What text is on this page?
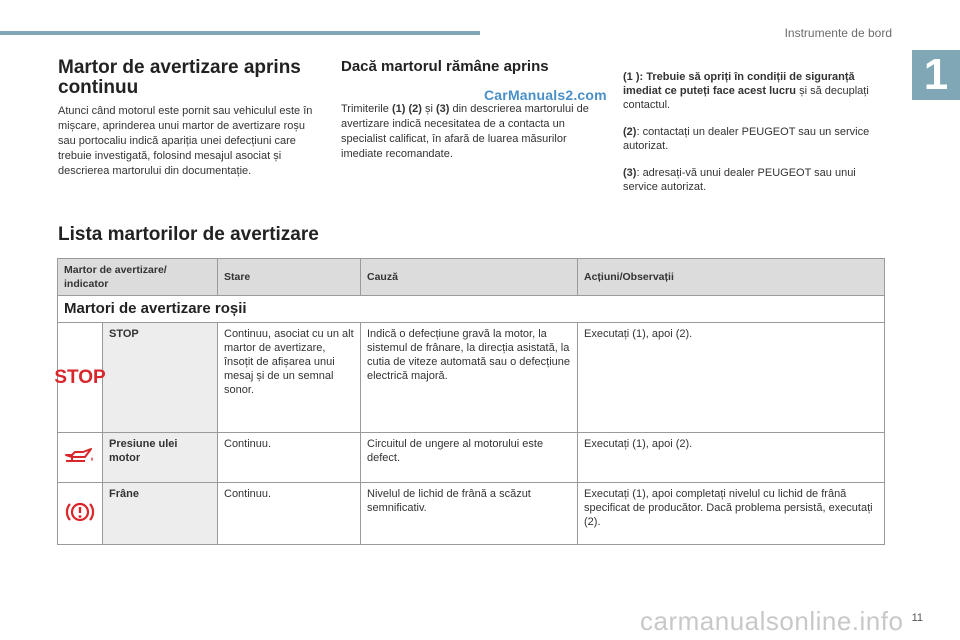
Instrumente de bord
1
Martor de avertizare aprins continuu
Atunci când motorul este pornit sau vehiculul este în mișcare, aprinderea unui martor de avertizare roșu sau portocaliu indică apariția unei defecțiuni care trebuie investigată, folosind mesajul asociat și descrierea martorului din documentație.
Dacă martorul rămâne aprins
Trimiterile (1) (2) și (3) din descrierea martorului de avertizare indică necesitatea de a contacta un specialist calificat, în afară de luarea măsurilor imediate recomandate.
CarManuals2.com

(1 ): Trebuie să opriți în condiții de siguranță imediat ce puteți face acest lucru și să decuplați contactul.

(2): contactați un dealer PEUGEOT sau un service autorizat.

(3): adresați-vă unui dealer PEUGEOT sau unui service autorizat.

Lista martorilor de avertizare
Martor de avertizare/ indicator		Stare	Cauză	Acțiuni/Observații
Martori de avertizare roșii				

STOP	STOP	Continuu, asociat cu un alt martor de avertizare, însoțit de afișarea unui mesaj și de un semnal sonor.	Indică o defecțiune gravă la motor, la sistemul de frânare, la direcția asistată, la cutia de viteze automată sau o defecțiune electrică majoră.	Executați (1), apoi (2).
	Presiune ulei motor	Continuu.	Circuitul de ungere al motorului este defect.	Executați (1), apoi (2).
	Frâne	Continuu.	Nivelul de lichid de frână a scăzut semnificativ.	Executați (1), apoi completați nivelul cu lichid de frână specificat de producător. Dacă problema persistă, executați (2).
carmanualsonline.info 11
